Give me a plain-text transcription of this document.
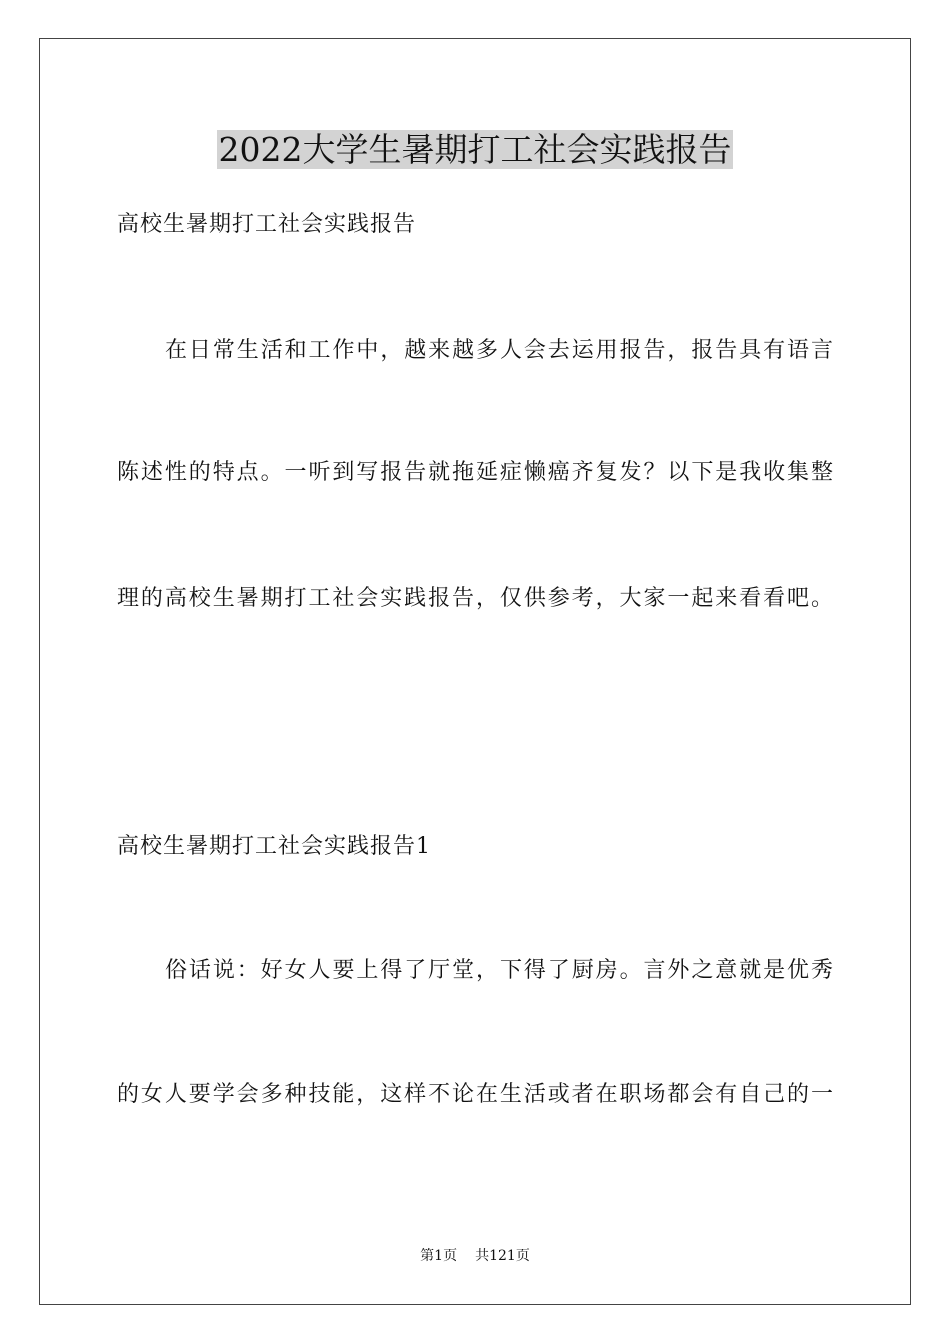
2022大学生暑期打工社会实践报告
高校生暑期打工社会实践报告
在日常生活和工作中，越来越多人会去运用报告，报告具有语言
陈述性的特点。一听到写报告就拖延症懒癌齐复发？以下是我收集整
理的高校生暑期打工社会实践报告，仅供参考，大家一起来看看吧。
高校生暑期打工社会实践报告1
俗话说：好女人要上得了厅堂，下得了厨房。言外之意就是优秀
的女人要学会多种技能，这样不论在生活或者在职场都会有自己的一
第1页 共121页
